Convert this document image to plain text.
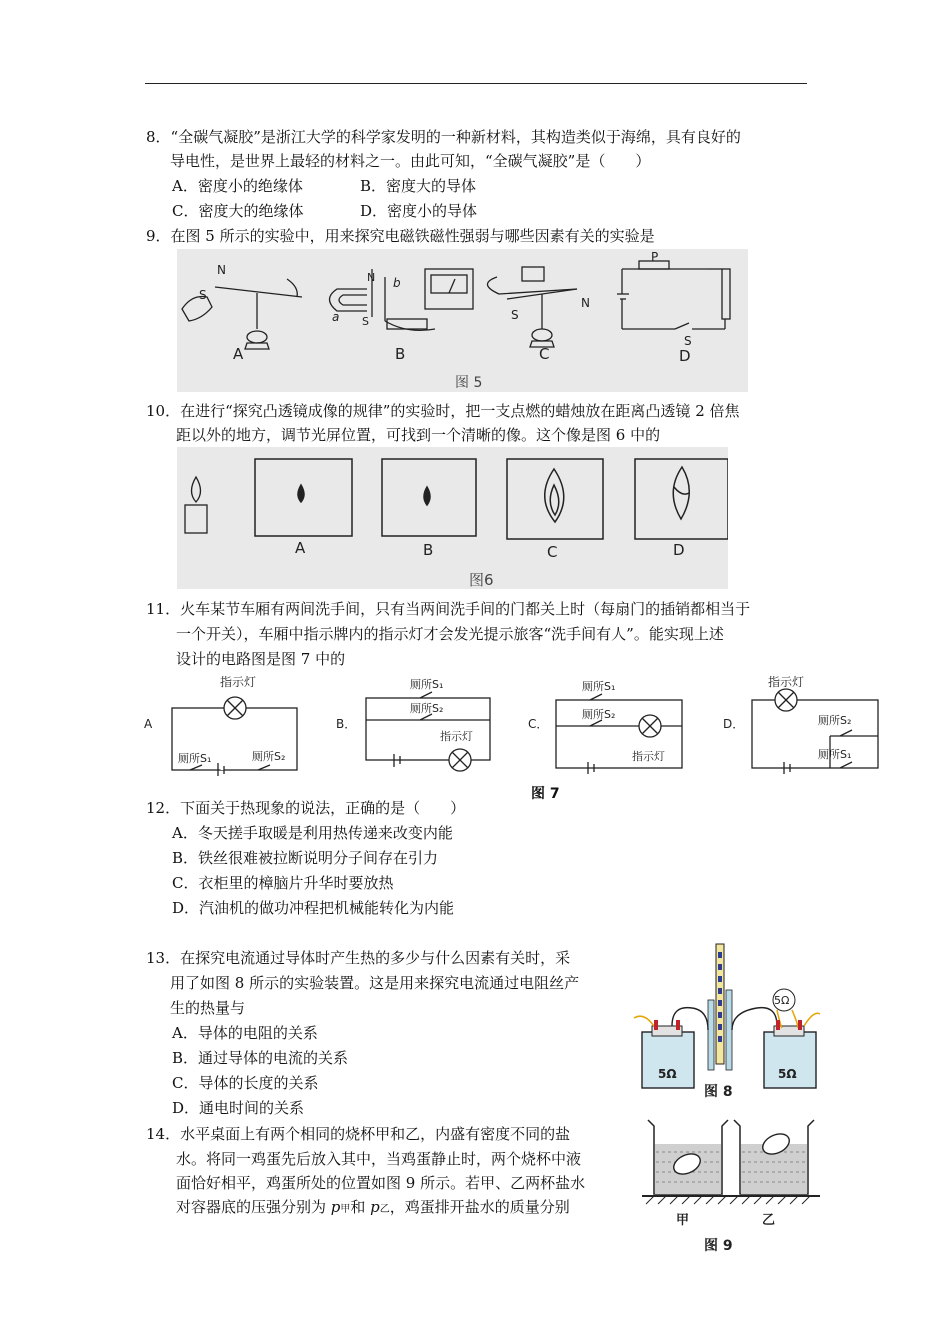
8．“全碳气凝胶”是浙江大学的科学家发明的一种新材料，其构造类似于海绵，具有良好的
导电性，是世界上最轻的材料之一。由此可知，“全碳气凝胶”是（　　）
A．密度小的绝缘体	B．密度大的导体
C．密度大的绝缘体	D．密度小的导体
9．在图 5 所示的实验中，用来探究电磁铁磁性强弱与哪些因素有关的实验是
N
S
A
N b
a S
B
S
N
C
P
S
D
图 5
10．在进行“探究凸透镜成像的规律”的实验时，把一支点燃的蜡烛放在距离凸透镜 2 倍焦
距以外的地方，调节光屏位置，可找到一个清晰的像。这个像是图 6 中的
A	B	C	D
图6
11．火车某节车厢有两间洗手间，只有当两间洗手间的门都关上时（每扇门的插销都相当于
一个开关），车厢中指示牌内的指示灯才会发光提示旅客“洗手间有人”。能实现上述
设计的电路图是图 7 中的
指示灯
厕所S₁	厕所S₂
A
厕所S₁
厕所S₂
指示灯
B．
厕所S₁
厕所S₂
指示灯
C．
指示灯
厕所S₂
厕所S₁
D．
图 7
12．下面关于热现象的说法，正确的是（　　）
A．冬天搓手取暖是利用热传递来改变内能
B．铁丝很难被拉断说明分子间存在引力
C．衣柜里的樟脑片升华时要放热
D．汽油机的做功冲程把机械能转化为内能
13．在探究电流通过导体时产生热的多少与什么因素有关时，采
用了如图 8 所示的实验装置。这是用来探究电流通过电阻丝产
生的热量与
A．导体的电阻的关系
B．通过导体的电流的关系
C．导体的长度的关系
D．通电时间的关系
5Ω
5Ω	5Ω
图 8
14．水平桌面上有两个相同的烧杯甲和乙，内盛有密度不同的盐
水。将同一鸡蛋先后放入其中，当鸡蛋静止时，两个烧杯中液
面恰好相平，鸡蛋所处的位置如图 9 所示。若甲、乙两杯盐水
对容器底的压强分别为 p甲和 p乙，鸡蛋排开盐水的质量分别
甲	乙
图 9
